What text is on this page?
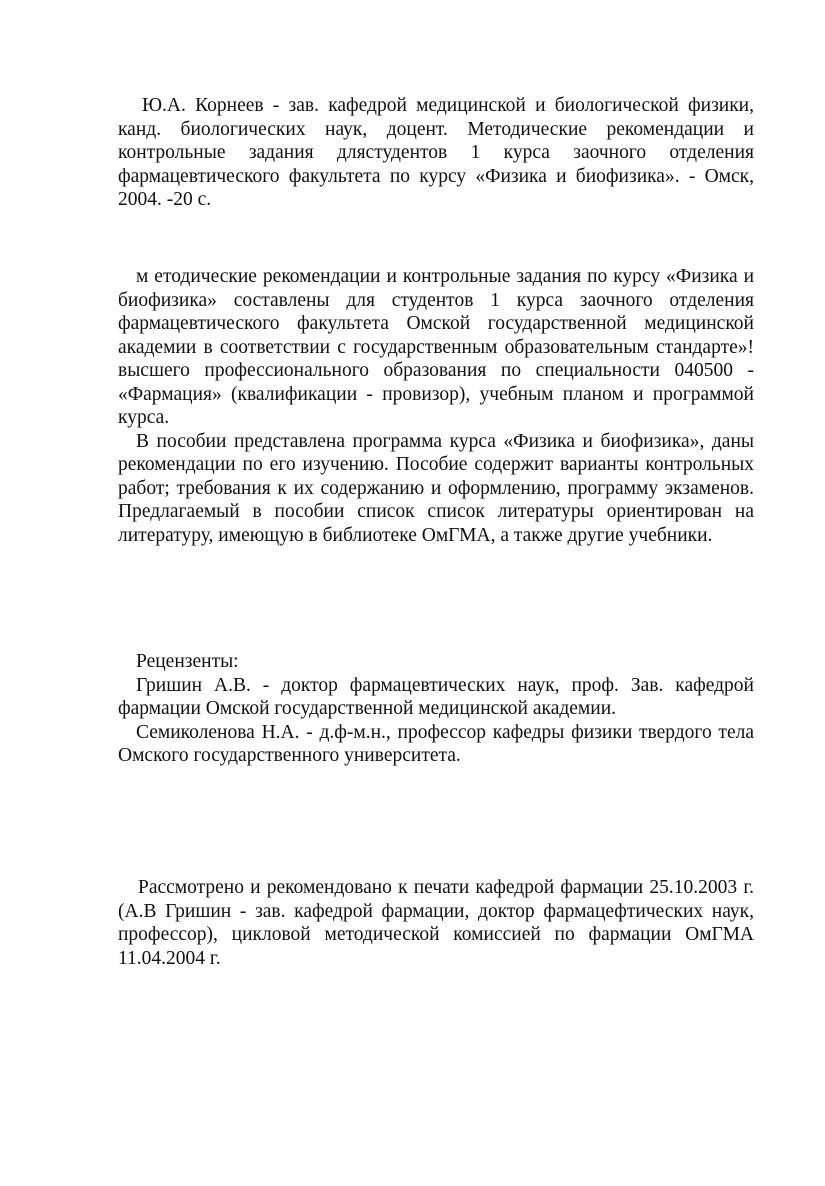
Ю.А. Корнеев - зав. кафедрой медицинской и биологической физики, канд. биологических наук, доцент. Методические рекомендации и контрольные задания длястудентов 1 курса заочного отделения фармацевтического факультета по курсу «Физика и биофизика». - Омск, 2004. -20 с.

м етодические рекомендации и контрольные задания по курсу «Физика и биофизика» составлены для студентов 1 курса заочного отделения фармацевтического факультета Омской государственной медицинской академии в соответствии с государственным образовательным стандарте»! высшего профессионального образования по специальности 040500 - «Фармация» (квалификации - провизор), учебным планом и программой курса.

В пособии представлена программа курса «Физика и биофизика», даны рекомендации по его изучению. Пособие содержит варианты контрольных работ; требования к их содержанию и оформлению, программу экзаменов. Предлагаемый в пособии список список литературы ориентирован на литературу, имеющую в библиотеке ОмГМА, а также другие учебники.

Рецензенты:

Гришин А.В. - доктор фармацевтических наук, проф. Зав. кафедрой фармации Омской государственной медицинской академии.

Семиколенова Н.А. - д.ф-м.н., профессор кафедры физики твердого тела Омского государственного университета.

Рассмотрено и рекомендовано к печати кафедрой фармации 25.10.2003 г. (А.В Гришин - зав. кафедрой фармации, доктор фармацефтических наук, профессор), цикловой методической комиссией по фармации ОмГМА 11.04.2004 г.
